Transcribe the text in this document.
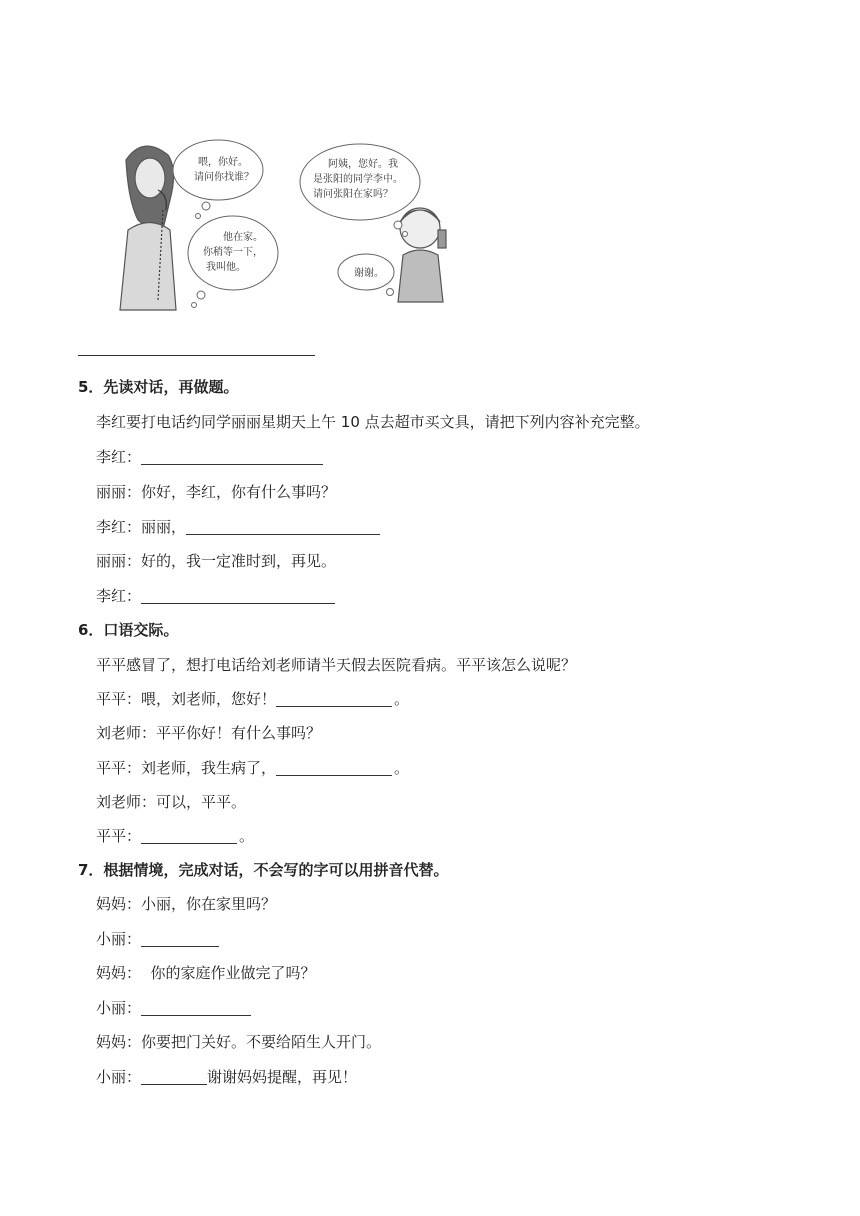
喂，你好。
请问你找谁？
他在家。
你稍等一下，
我叫他。
阿姨，您好。我
是张阳的同学李中。
请问张阳在家吗？
谢谢。
5．先读对话，再做题。
李红要打电话约同学丽丽星期天上午 10 点去超市买文具，请把下列内容补充完整。
李红：
丽丽：你好，李红，你有什么事吗？
李红：丽丽，
丽丽：好的，我一定准时到，再见。
李红：
6．口语交际。
平平感冒了，想打电话给刘老师请半天假去医院看病。平平该怎么说呢？
平平：喂，刘老师，您好！	。
刘老师：平平你好！有什么事吗？
平平：刘老师，我生病了，	。
刘老师：可以，平平。
平平：	。
7．根据情境，完成对话，不会写的字可以用拼音代替。
妈妈：小丽，你在家里吗？
小丽：
妈妈：  你的家庭作业做完了吗？
小丽：
妈妈：你要把门关好。不要给陌生人开门。
小丽：	谢谢妈妈提醒，再见！
